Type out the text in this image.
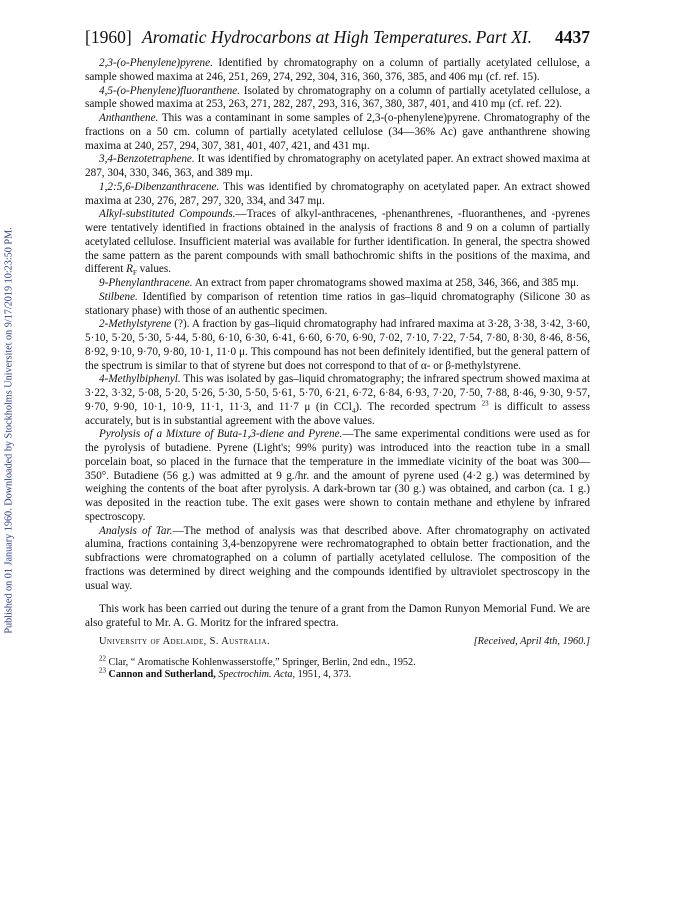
Published on 01 January 1960. Downloaded by Stockholms Universitet on 9/17/2019 10:23:50 PM.
[1960] Aromatic Hydrocarbons at High Temperatures. Part XI. 4437

2,3-(o-Phenylene)pyrene. Identified by chromatography on a column of partially acetylated cellulose, a sample showed maxima at 246, 251, 269, 274, 292, 304, 316, 360, 376, 385, and 406 mμ (cf. ref. 15).

4,5-(o-Phenylene)fluoranthene. Isolated by chromatography on a column of partially acetylated cellulose, a sample showed maxima at 253, 263, 271, 282, 287, 293, 316, 367, 380, 387, 401, and 410 mμ (cf. ref. 22).

Anthanthene. This was a contaminant in some samples of 2,3-(o-phenylene)pyrene. Chromatography of the fractions on a 50 cm. column of partially acetylated cellulose (34—36% Ac) gave anthanthrene showing maxima at 240, 257, 294, 307, 381, 401, 407, 421, and 431 mμ.

3,4-Benzotetraphene. It was identified by chromatography on acetylated paper. An extract showed maxima at 287, 304, 330, 346, 363, and 389 mμ.

1,2:5,6-Dibenzanthracene. This was identified by chromatography on acetylated paper. An extract showed maxima at 230, 276, 287, 297, 320, 334, and 347 mμ.

Alkyl-substituted Compounds.—Traces of alkyl-anthracenes, -phenanthrenes, -fluoranthenes, and -pyrenes were tentatively identified in fractions obtained in the analysis of fractions 8 and 9 on a column of partially acetylated cellulose. Insufficient material was available for further identification. In general, the spectra showed the same pattern as the parent compounds with small bathochromic shifts in the positions of the maxima, and different $R_F$ values.

9-Phenylanthracene. An extract from paper chromatograms showed maxima at 258, 346, 366, and 385 mμ.

Stilbene. Identified by comparison of retention time ratios in gas–liquid chromatography (Silicone 30 as stationary phase) with those of an authentic specimen.

2-Methylstyrene (?). A fraction by gas–liquid chromatography had infrared maxima at 3·28, 3·38, 3·42, 3·60, 5·10, 5·20, 5·30, 5·44, 5·80, 6·10, 6·30, 6·41, 6·60, 6·70, 6·90, 7·02, 7·10, 7·22, 7·54, 7·80, 8·30, 8·46, 8·56, 8·92, 9·10, 9·70, 9·80, 10·1, 11·0 μ. This compound has not been definitely identified, but the general pattern of the spectrum is similar to that of styrene but does not correspond to that of α- or β-methylstyrene.

4-Methylbiphenyl. This was isolated by gas–liquid chromatography; the infrared spectrum showed maxima at 3·22, 3·32, 5·08, 5·20, 5·26, 5·30, 5·50, 5·61, 5·70, 6·21, 6·72, 6·84, 6·93, 7·20, 7·50, 7·88, 8·46, 9·30, 9·57, 9·70, 9·90, 10·1, 10·9, 11·1, 11·3, and 11·7 μ (in CCl$_4$). The recorded spectrum $^{23}$ is difficult to assess accurately, but is in substantial agreement with the above values.

Pyrolysis of a Mixture of Buta-1,3-diene and Pyrene.—The same experimental conditions were used as for the pyrolysis of butadiene. Pyrene (Light's; 99% purity) was introduced into the reaction tube in a small porcelain boat, so placed in the furnace that the temperature in the immediate vicinity of the boat was 300—350°. Butadiene (56 g.) was admitted at 9 g./hr. and the amount of pyrene used (4·2 g.) was determined by weighing the contents of the boat after pyrolysis. A dark-brown tar (30 g.) was obtained, and carbon (ca. 1 g.) was deposited in the reaction tube. The exit gases were shown to contain methane and ethylene by infrared spectroscopy.

Analysis of Tar.—The method of analysis was that described above. After chromatography on activated alumina, fractions containing 3,4-benzopyrene were rechromatographed to obtain better fractionation, and the subfractions were chromatographed on a column of partially acetylated cellulose. The composition of the fractions was determined by direct weighing and the compounds identified by ultraviolet spectroscopy in the usual way.

This work has been carried out during the tenure of a grant from the Damon Runyon Memorial Fund. We are also grateful to Mr. A. G. Moritz for the infrared spectra.

University of Adelaide, S. Australia.	[Received, April 4th, 1960.]
$^{22}$ Clar, “ Aromatische Kohlenwasserstoffe,” Springer, Berlin, 2nd edn., 1952.
$^{23}$ Cannon and Sutherland, Spectrochim. Acta, 1951, 4, 373.
